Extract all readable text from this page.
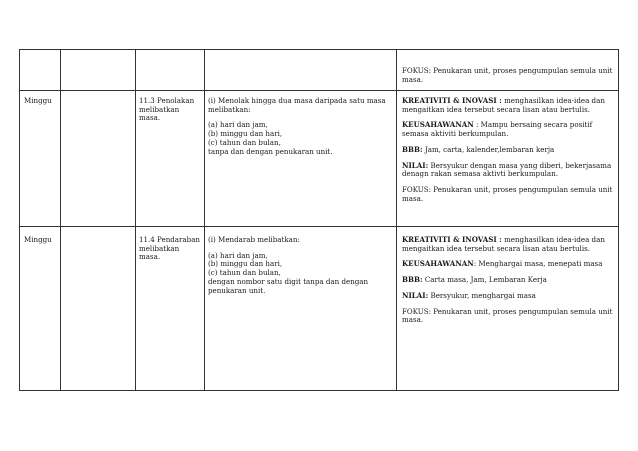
FOKUS: Penukaran unit, proses pengumpulan semula unit masa.

Minggu	11.3 Penolakan melibatkan masa.

(i) Menolak hingga dua masa daripada satu masa melibatkan:

(a) hari dan jam,

(b) minggu dan hari,

(c) tahun dan bulan,

tanpa dan dengan penukaran unit.

KREATIVITI & INOVASI : menghasilkan idea-idea dan mengaitkan idea tersebut secara lisan atau bertulis.

KEUSAHAWANAN : Mampu bersaing secara positif semasa aktiviti berkumpulan.

BBB: Jam, carta, kalender,lembaran kerja

NILAI: Bersyukur dengan masa yang diberi, bekerjasama denagn rakan semasa aktivti berkumpulan.

FOKUS: Penukaran unit, proses pengumpulan semula unit masa.

Minggu	11.4 Pendaraban melibatkan masa.

(i) Mendarab melibatkan:

(a) hari dan jam,

(b) minggu dan hari,

(c) tahun dan bulan,

dengan nombor satu digit tanpa dan dengan penukaran unit.

KREATIVITI & INOVASI : menghasilkan idea-idea dan mengaitkan idea tersebut secara lisan atau bertulis.

KEUSAHAWANAN: Menghargai masa, menepati masa

BBB: Carta masa, Jam, Lembaran Kerja

NILAI: Bersyukur, menghargai masa

FOKUS: Penukaran unit, proses pengumpulan semula unit masa.
